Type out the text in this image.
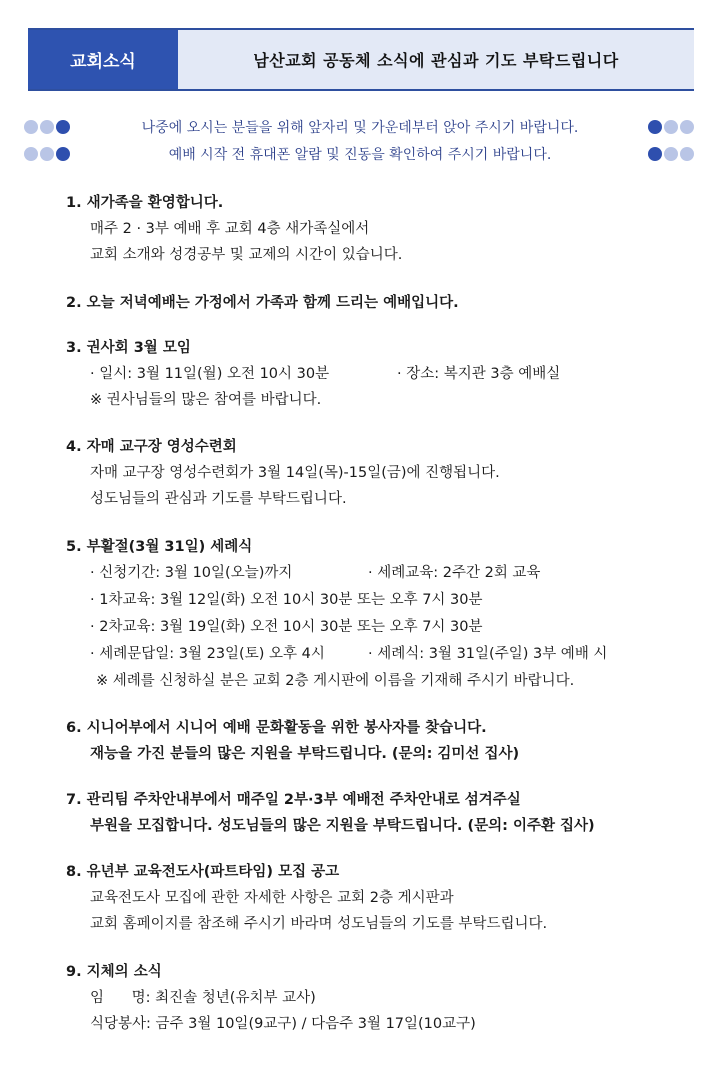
교회소식	남산교회 공동체 소식에 관심과 기도 부탁드립니다
나중에 오시는 분들을 위해 앞자리 및 가운데부터 앉아 주시기 바랍니다.
예배 시작 전 휴대폰 알람 및 진동을 확인하여 주시기 바랍니다.
1. 새가족을 환영합니다.
매주 2 · 3부 예배 후 교회 4층 새가족실에서
교회 소개와 성경공부 및 교제의 시간이 있습니다.
2. 오늘 저녁예배는 가정에서 가족과 함께 드리는 예배입니다.
3. 권사회 3월 모임
· 일시: 3월 11일(월) 오전 10시 30분	· 장소: 복지관 3층 예배실
※ 권사님들의 많은 참여를 바랍니다.
4. 자매 교구장 영성수련회
자매 교구장 영성수련회가 3월 14일(목)-15일(금)에 진행됩니다.
성도님들의 관심과 기도를 부탁드립니다.
5. 부활절(3월 31일) 세례식
· 신청기간: 3월 10일(오늘)까지	· 세례교육: 2주간 2회 교육
· 1차교육: 3월 12일(화) 오전 10시 30분 또는 오후 7시 30분
· 2차교육: 3월 19일(화) 오전 10시 30분 또는 오후 7시 30분
· 세례문답일: 3월 23일(토) 오후 4시	· 세례식: 3월 31일(주일) 3부 예배 시
※ 세례를 신청하실 분은 교회 2층 게시판에 이름을 기재해 주시기 바랍니다.
6. 시니어부에서 시니어 예배 문화활동을 위한 봉사자를 찾습니다.
재능을 가진 분들의 많은 지원을 부탁드립니다. (문의: 김미선 집사)
7. 관리팀 주차안내부에서 매주일 2부·3부 예배전 주차안내로 섬겨주실
부원을 모집합니다. 성도님들의 많은 지원을 부탁드립니다. (문의: 이주환 집사)
8. 유년부 교육전도사(파트타임) 모집 공고
교육전도사 모집에 관한 자세한 사항은 교회 2층 게시판과
교회 홈페이지를 참조해 주시기 바라며 성도님들의 기도를 부탁드립니다.
9. 지체의 소식
임      명: 최진솔 청년(유치부 교사)
식당봉사: 금주 3월 10일(9교구) / 다음주 3월 17일(10교구)
